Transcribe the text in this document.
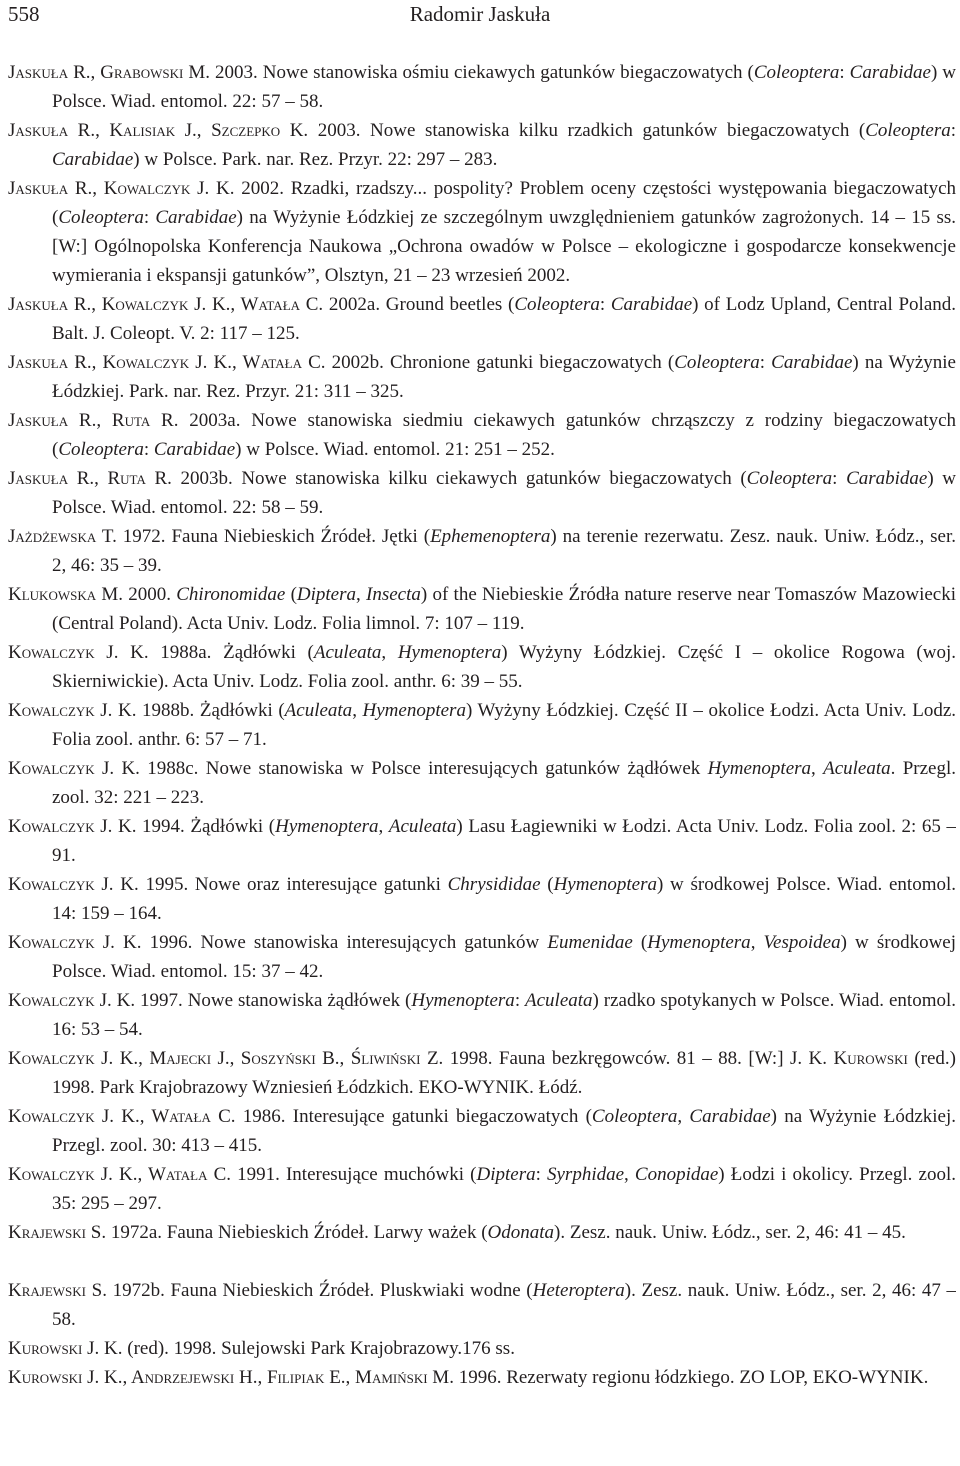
558	Radomir Jaskuła
Jaskuła R., Grabowski M. 2003. Nowe stanowiska ośmiu ciekawych gatunków biegaczowatych (Coleoptera: Carabidae) w Polsce. Wiad. entomol. 22: 57 – 58.
Jaskuła R., Kalisiak J., Szczepko K. 2003. Nowe stanowiska kilku rzadkich gatunków biegaczowatych (Coleoptera: Carabidae) w Polsce. Park. nar. Rez. Przyr. 22: 297 – 283.
Jaskuła R., Kowalczyk J. K. 2002. Rzadki, rzadszy... pospolity? Problem oceny częstości występowania biegaczowatych (Coleoptera: Carabidae) na Wyżynie Łódzkiej ze szczególnym uwzględnieniem gatunków zagrożonych. 14 – 15 ss. [W:] Ogólnopolska Konferencja Naukowa „Ochrona owadów w Polsce – ekologiczne i gospodarcze konsekwencje wymierania i ekspansji gatunków”, Olsztyn, 21 – 23 wrzesień 2002.
Jaskuła R., Kowalczyk J. K., Watała C. 2002a. Ground beetles (Coleoptera: Carabidae) of Lodz Upland, Central Poland. Balt. J. Coleopt. V. 2: 117 – 125.
Jaskuła R., Kowalczyk J. K., Watała C. 2002b. Chronione gatunki biegaczowatych (Coleoptera: Carabidae) na Wyżynie Łódzkiej. Park. nar. Rez. Przyr. 21: 311 – 325.
Jaskuła R., Ruta R. 2003a. Nowe stanowiska siedmiu ciekawych gatunków chrząszczy z rodziny biegaczowatych (Coleoptera: Carabidae) w Polsce. Wiad. entomol. 21: 251 – 252.
Jaskuła R., Ruta R. 2003b. Nowe stanowiska kilku ciekawych gatunków biegaczowatych (Coleoptera: Carabidae) w Polsce. Wiad. entomol. 22: 58 – 59.
Jażdżewska T. 1972. Fauna Niebieskich Źródeł. Jętki (Ephemenoptera) na terenie rezerwatu. Zesz. nauk. Uniw. Łódz., ser. 2, 46: 35 – 39.
Klukowska M. 2000. Chironomidae (Diptera, Insecta) of the Niebieskie Źródła nature reserve near Tomaszów Mazowiecki (Central Poland). Acta Univ. Lodz. Folia limnol. 7: 107 – 119.
Kowalczyk J. K. 1988a. Żądłówki (Aculeata, Hymenoptera) Wyżyny Łódzkiej. Część I – okolice Rogowa (woj. Skierniwickie). Acta Univ. Lodz. Folia zool. anthr. 6: 39 – 55.
Kowalczyk J. K. 1988b. Żądłówki (Aculeata, Hymenoptera) Wyżyny Łódzkiej. Część II – okolice Łodzi. Acta Univ. Lodz. Folia zool. anthr. 6: 57 – 71.
Kowalczyk J. K. 1988c. Nowe stanowiska w Polsce interesujących gatunków żądłówek Hymenoptera, Aculeata. Przegl. zool. 32: 221 – 223.
Kowalczyk J. K. 1994. Żądłówki (Hymenoptera, Aculeata) Lasu Łagiewniki w Łodzi. Acta Univ. Lodz. Folia zool. 2: 65 – 91.
Kowalczyk J. K. 1995. Nowe oraz interesujące gatunki Chrysididae (Hymenoptera) w środkowej Polsce. Wiad. entomol. 14: 159 – 164.
Kowalczyk J. K. 1996. Nowe stanowiska interesujących gatunków Eumenidae (Hymenoptera, Vespoidea) w środkowej Polsce. Wiad. entomol. 15: 37 – 42.
Kowalczyk J. K. 1997. Nowe stanowiska żądłówek (Hymenoptera: Aculeata) rzadko spotykanych w Polsce. Wiad. entomol. 16: 53 – 54.
Kowalczyk J. K., Majecki J., Soszyński B., Śliwiński Z. 1998. Fauna bezkręgowców. 81 – 88. [W:] J. K. Kurowski (red.) 1998. Park Krajobrazowy Wzniesień Łódzkich. EKO-WYNIK. Łódź.
Kowalczyk J. K., Watała C. 1986. Interesujące gatunki biegaczowatych (Coleoptera, Carabidae) na Wyżynie Łódzkiej. Przegl. zool. 30: 413 – 415.
Kowalczyk J. K., Watała C. 1991. Interesujące muchówki (Diptera: Syrphidae, Conopidae) Łodzi i okolicy. Przegl. zool. 35: 295 – 297.
Krajewski S. 1972a. Fauna Niebieskich Źródeł. Larwy ważek (Odonata). Zesz. nauk. Uniw. Łódz., ser. 2, 46: 41 – 45.
Krajewski S. 1972b. Fauna Niebieskich Źródeł. Pluskwiaki wodne (Heteroptera). Zesz. nauk. Uniw. Łódz., ser. 2, 46: 47 – 58.
Kurowski J. K. (red). 1998. Sulejowski Park Krajobrazowy.176 ss.
Kurowski J. K., Andrzejewski H., Filipiak E., Mamiński M. 1996. Rezerwaty regionu łódzkiego. ZO LOP, EKO-WYNIK.
